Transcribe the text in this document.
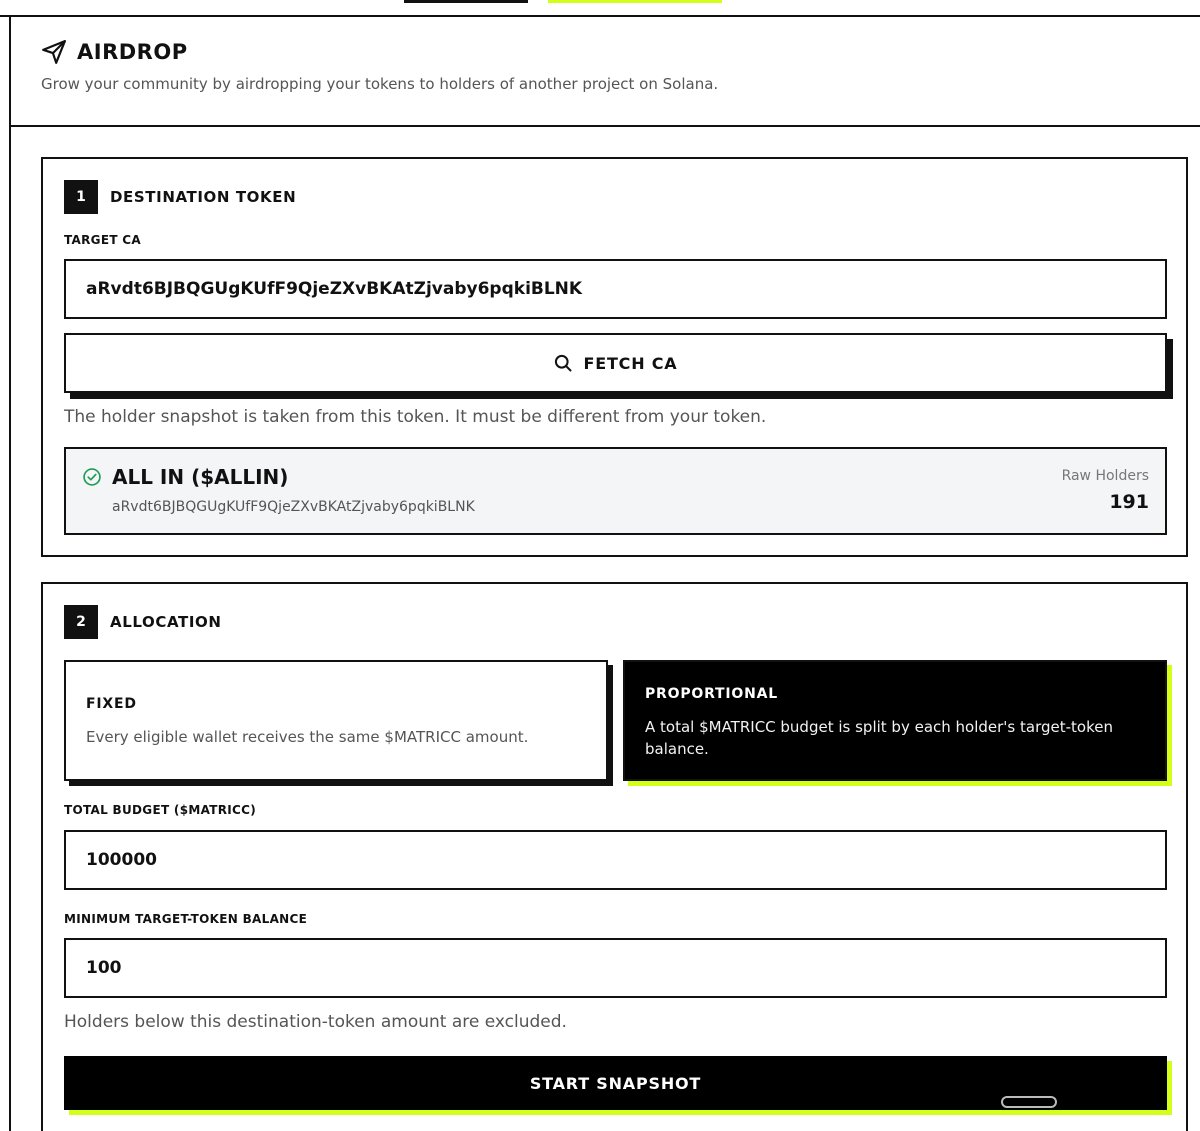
AIRDROP
Grow your community by airdropping your tokens to holders of another project on Solana.
1	DESTINATION TOKEN
TARGET CA
aRvdt6BJBQGUgKUfF9QjeZXvBKAtZjvaby6pqkiBLNK
FETCH CA
The holder snapshot is taken from this token. It must be different from your token.
ALL IN ($ALLIN)
aRvdt6BJBQGUgKUfF9QjeZXvBKAtZjvaby6pqkiBLNK
Raw Holders
191
2	ALLOCATION
FIXED
Every eligible wallet receives the same $MATRICC amount.
PROPORTIONAL
A total $MATRICC budget is split by each holder's target-token balance.
TOTAL BUDGET ($MATRICC)
100000
MINIMUM TARGET-TOKEN BALANCE
100
Holders below this destination-token amount are excluded.
START SNAPSHOT
